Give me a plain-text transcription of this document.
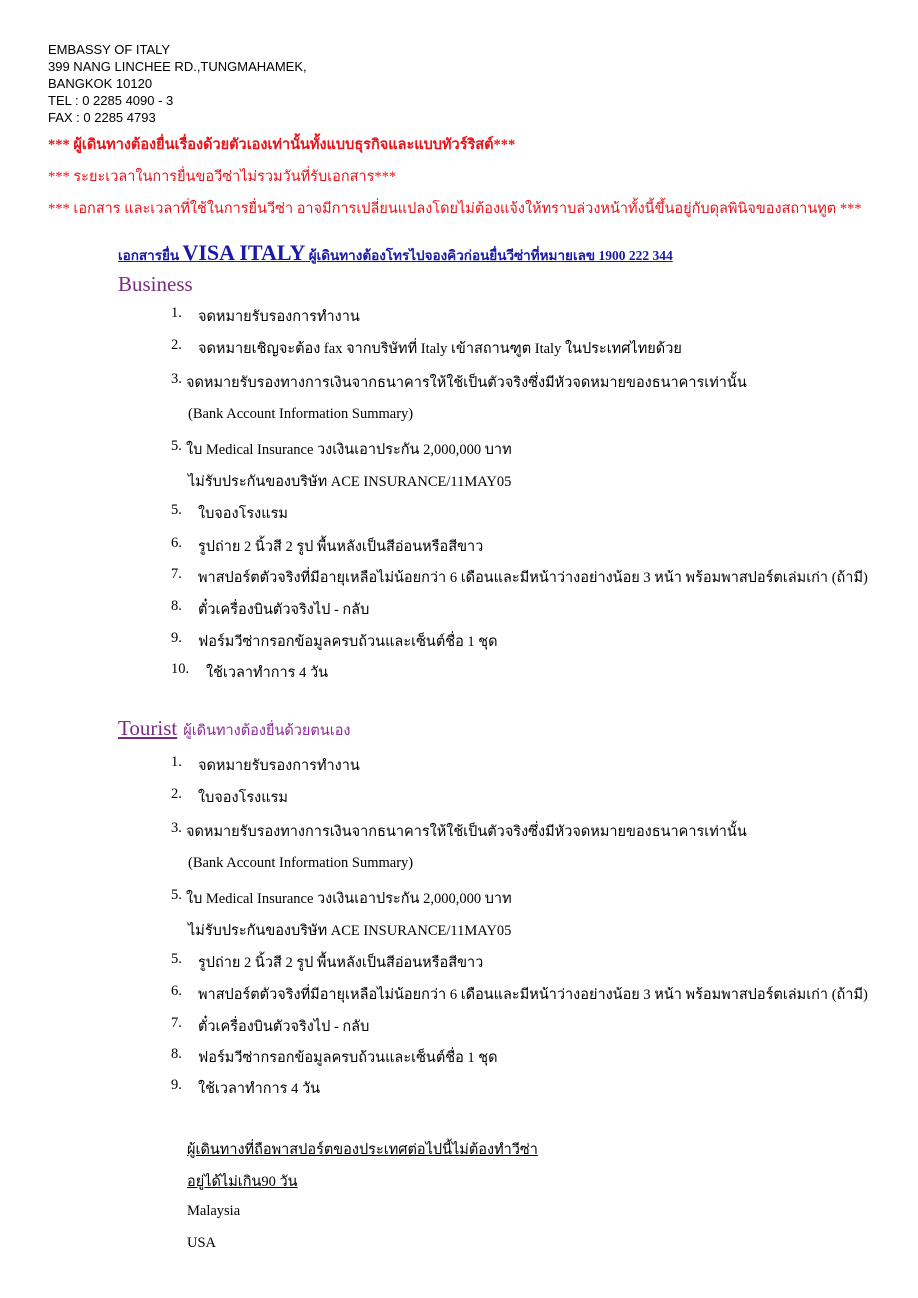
EMBASSY OF ITALY
399 NANG LINCHEE RD.,TUNGMAHAMEK,
BANGKOK 10120
TEL : 0 2285 4090 - 3
FAX : 0 2285 4793
*** ผู้เดินทางต้องยื่นเรื่องด้วยตัวเองเท่านั้นทั้งแบบธุรกิจและแบบทัวร์ริสต์***
*** ระยะเวลาในการยื่นขอวีซ่าไม่รวมวันที่รับเอกสาร***
*** เอกสาร และเวลาที่ใช้ในการยื่นวีซ่า อาจมีการเปลี่ยนแปลงโดยไม่ต้องแจ้งให้ทราบล่วงหน้าทั้งนี้ขึ้นอยู่กับดุลพินิจของสถานทูต ***
เอกสารยื่น VISA ITALY ผู้เดินทางต้องโทรไปจองคิวก่อนยื่นวีซ่าที่หมายเลข 1900 222 344
Business
1. จดหมายรับรองการทำงาน
2. จดหมายเชิญจะต้อง fax จากบริษัทที่ Italy เข้าสถานฑูต Italy ในประเทศไทยด้วย
3. จดหมายรับรองทางการเงินจากธนาคารให้ใช้เป็นตัวจริงซึ่งมีหัวจดหมายของธนาคารเท่านั้น
(Bank Account Information Summary)
5. ใบ Medical Insurance วงเงินเอาประกัน 2,000,000 บาท
ไม่รับประกันของบริษัท ACE INSURANCE/11MAY05
5. ใบจองโรงแรม
6. รูปถ่าย 2 นิ้วสี 2 รูป พื้นหลังเป็นสีอ่อนหรือสีขาว
7. พาสปอร์ตตัวจริงที่มีอายุเหลือไม่น้อยกว่า 6 เดือนและมีหน้าว่างอย่างน้อย 3 หน้า พร้อมพาสปอร์ตเล่มเก่า (ถ้ามี)
8. ตั๋วเครื่องบินตัวจริงไป - กลับ
9. ฟอร์มวีซ่ากรอกข้อมูลครบถ้วนและเซ็นต์ชื่อ 1 ชุด
10. ใช้เวลาทำการ 4 วัน
Tourist ผู้เดินทางต้องยื่นด้วยตนเอง
1. จดหมายรับรองการทำงาน
2. ใบจองโรงแรม
3. จดหมายรับรองทางการเงินจากธนาคารให้ใช้เป็นตัวจริงซึ่งมีหัวจดหมายของธนาคารเท่านั้น
(Bank Account Information Summary)
5. ใบ Medical Insurance วงเงินเอาประกัน 2,000,000 บาท
ไม่รับประกันของบริษัท ACE INSURANCE/11MAY05
5. รูปถ่าย 2 นิ้วสี 2 รูป พื้นหลังเป็นสีอ่อนหรือสีขาว
6. พาสปอร์ตตัวจริงที่มีอายุเหลือไม่น้อยกว่า 6 เดือนและมีหน้าว่างอย่างน้อย 3 หน้า พร้อมพาสปอร์ตเล่มเก่า (ถ้ามี)
7. ตั๋วเครื่องบินตัวจริงไป - กลับ
8. ฟอร์มวีซ่ากรอกข้อมูลครบถ้วนและเซ็นต์ชื่อ 1 ชุด
9. ใช้เวลาทำการ 4 วัน
ผู้เดินทางที่ถือพาสปอร์ตของประเทศต่อไปนี้ไม่ต้องทำวีซ่า
อยู่ได้ไม่เกิน90 วัน
Malaysia
USA
